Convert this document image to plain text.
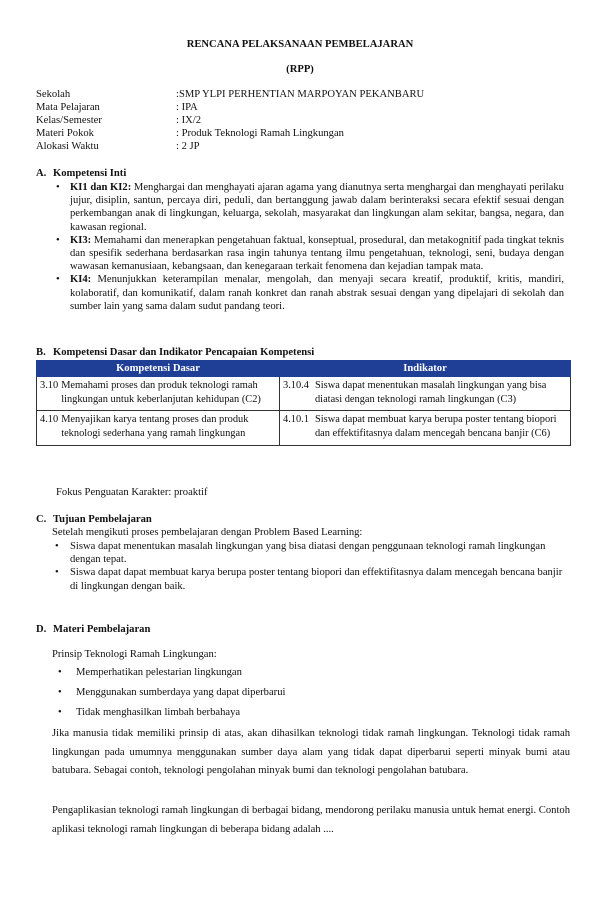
RENCANA PELAKSANAAN PEMBELAJARAN
(RPP)
Sekolah	:SMP YLPI PERHENTIAN MARPOYAN PEKANBARU
Mata Pelajaran	: IPA
Kelas/Semester	: IX/2
Materi Pokok	: Produk Teknologi Ramah Lingkungan
Alokasi Waktu	: 2 JP
A. Kompetensi Inti
• KI1 dan KI2: Menghargai dan menghayati ajaran agama yang dianutnya serta menghargai dan menghayati perilaku jujur, disiplin, santun, percaya diri, peduli, dan bertanggung jawab dalam berinteraksi secara efektif sesuai dengan perkembangan anak di lingkungan, keluarga, sekolah, masyarakat dan lingkungan alam sekitar, bangsa, negara, dan kawasan regional.
• KI3: Memahami dan menerapkan pengetahuan faktual, konseptual, prosedural, dan metakognitif pada tingkat teknis dan spesifik sederhana berdasarkan rasa ingin tahunya tentang ilmu pengetahuan, teknologi, seni, budaya dengan wawasan kemanusiaan, kebangsaan, dan kenegaraan terkait fenomena dan kejadian tampak mata.
• KI4: Menunjukkan keterampilan menalar, mengolah, dan menyaji secara kreatif, produktif, kritis, mandiri, kolaboratif, dan komunikatif, dalam ranah konkret dan ranah abstrak sesuai dengan yang dipelajari di sekolah dan sumber lain yang sama dalam sudut pandang teori.
B. Kompetensi Dasar dan Indikator Pencapaian Kompetensi
Kompetensi Dasar	Indikator

3.10 Memahami proses dan produk teknologi ramah lingkungan untuk keberlanjutan kehidupan (C2)	3.10.4 Siswa dapat menentukan masalah lingkungan yang bisa diatasi dengan teknologi ramah lingkungan (C3)

4.10 Menyajikan karya tentang proses dan produk teknologi sederhana yang ramah lingkungan	4.10.1 Siswa dapat membuat karya berupa poster tentang biopori dan effektifitasnya dalam mencegah bencana banjir (C6)
Fokus Penguatan Karakter: proaktif
C. Tujuan Pembelajaran
Setelah mengikuti proses pembelajaran dengan Problem Based Learning:
• Siswa dapat menentukan masalah lingkungan yang bisa diatasi dengan penggunaan teknologi ramah lingkungan dengan tepat.
• Siswa dapat dapat membuat karya berupa poster tentang biopori dan effektifitasnya dalam mencegah bencana banjir di lingkungan dengan baik.
D. Materi Pembelajaran
Prinsip Teknologi Ramah Lingkungan:
• Memperhatikan pelestarian lingkungan
• Menggunakan sumberdaya yang dapat diperbarui
• Tidak menghasilkan limbah berbahaya
Jika manusia tidak memiliki prinsip di atas, akan dihasilkan teknologi tidak ramah lingkungan. Teknologi tidak ramah lingkungan pada umumnya menggunakan sumber daya alam yang tidak dapat diperbarui seperti minyak bumi atau batubara. Sebagai contoh, teknologi pengolahan minyak bumi dan teknologi pengolahan batubara.
Pengaplikasian teknologi ramah lingkungan di berbagai bidang, mendorong perilaku manusia untuk hemat energi. Contoh aplikasi teknologi ramah lingkungan di beberapa bidang adalah ....
